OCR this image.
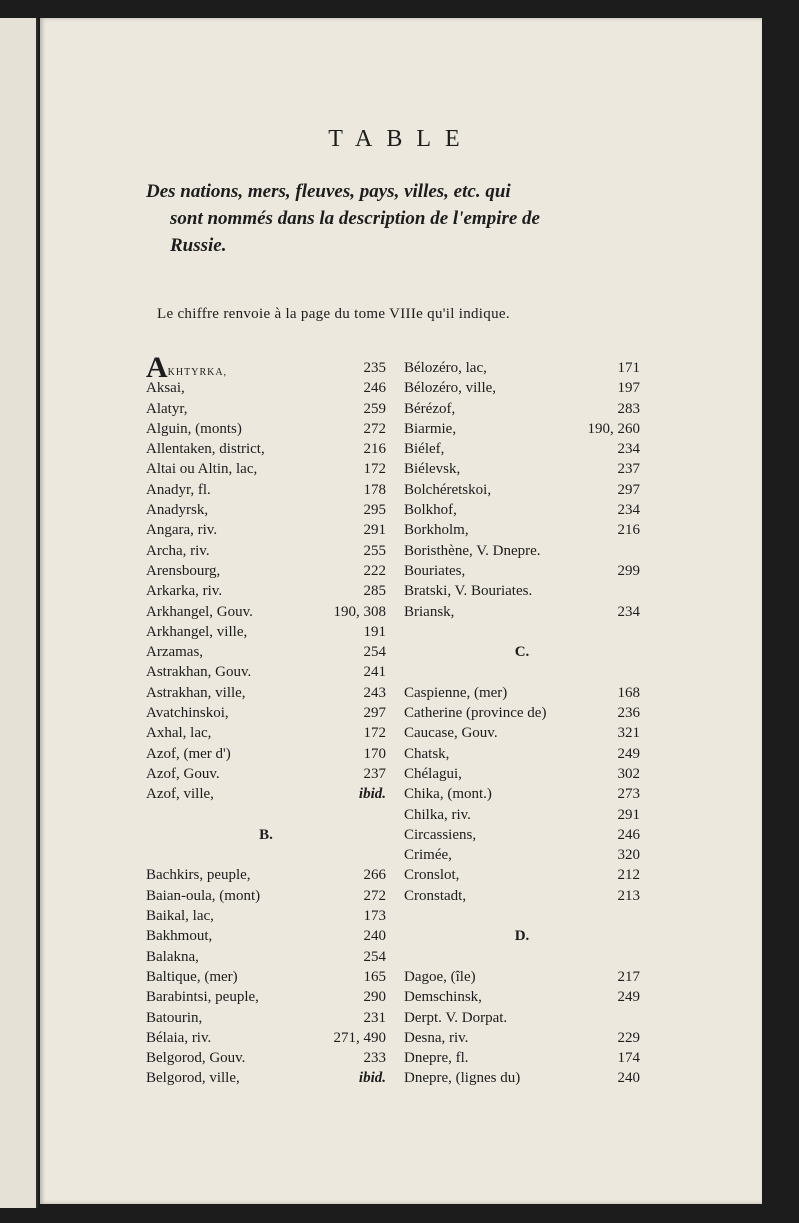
TABLE
Des nations, mers, fleuves, pays, villes, etc. qui
sont nommés dans la description de l'empire de
Russie.
Le chiffre renvoie à la page du tome VIIIe qu'il indique.
AKHTYRKA,	235
Aksai,	246
Alatyr,	259
Alguin, (monts)	272
Allentaken, district,	216
Altai ou Altin, lac,	172
Anadyr, fl.	178
Anadyrsk,	295
Angara, riv.	291
Archa, riv.	255
Arensbourg,	222
Arkarka, riv.	285
Arkhangel, Gouv.	190, 308
Arkhangel, ville,	191
Arzamas,	254
Astrakhan, Gouv.	241
Astrakhan, ville,	243
Avatchinskoi,	297
Axhal, lac,	172
Azof, (mer d')	170
Azof, Gouv.	237
Azof, ville,	ibid.
B.
Bachkirs, peuple,	266
Baian-oula, (mont)	272
Baikal, lac,	173
Bakhmout,	240
Balakna,	254
Baltique, (mer)	165
Barabintsi, peuple,	290
Batourin,	231
Bélaia, riv.	271, 490
Belgorod, Gouv.	233
Belgorod, ville,	ibid.
Bélozéro, lac,	171
Bélozéro, ville,	197
Bérézof,	283
Biarmie,	190, 260
Biélef,	234
Biélevsk,	237
Bolchéretskoi,	297
Bolkhof,	234
Borkholm,	216
Boristhène, V. Dnepre.
Bouriates,	299
Bratski, V. Bouriates.
Briansk,	234
C.
Caspienne, (mer)	168
Catherine (province de)	236
Caucase, Gouv.	321
Chatsk,	249
Chélagui,	302
Chika, (mont.)	273
Chilka, riv.	291
Circassiens,	246
Crimée,	320
Cronslot,	212
Cronstadt,	213
D.
Dagoe, (île)	217
Demschinsk,	249
Derpt. V. Dorpat.
Desna, riv.	229
Dnepre, fl.	174
Dnepre, (lignes du)	240
